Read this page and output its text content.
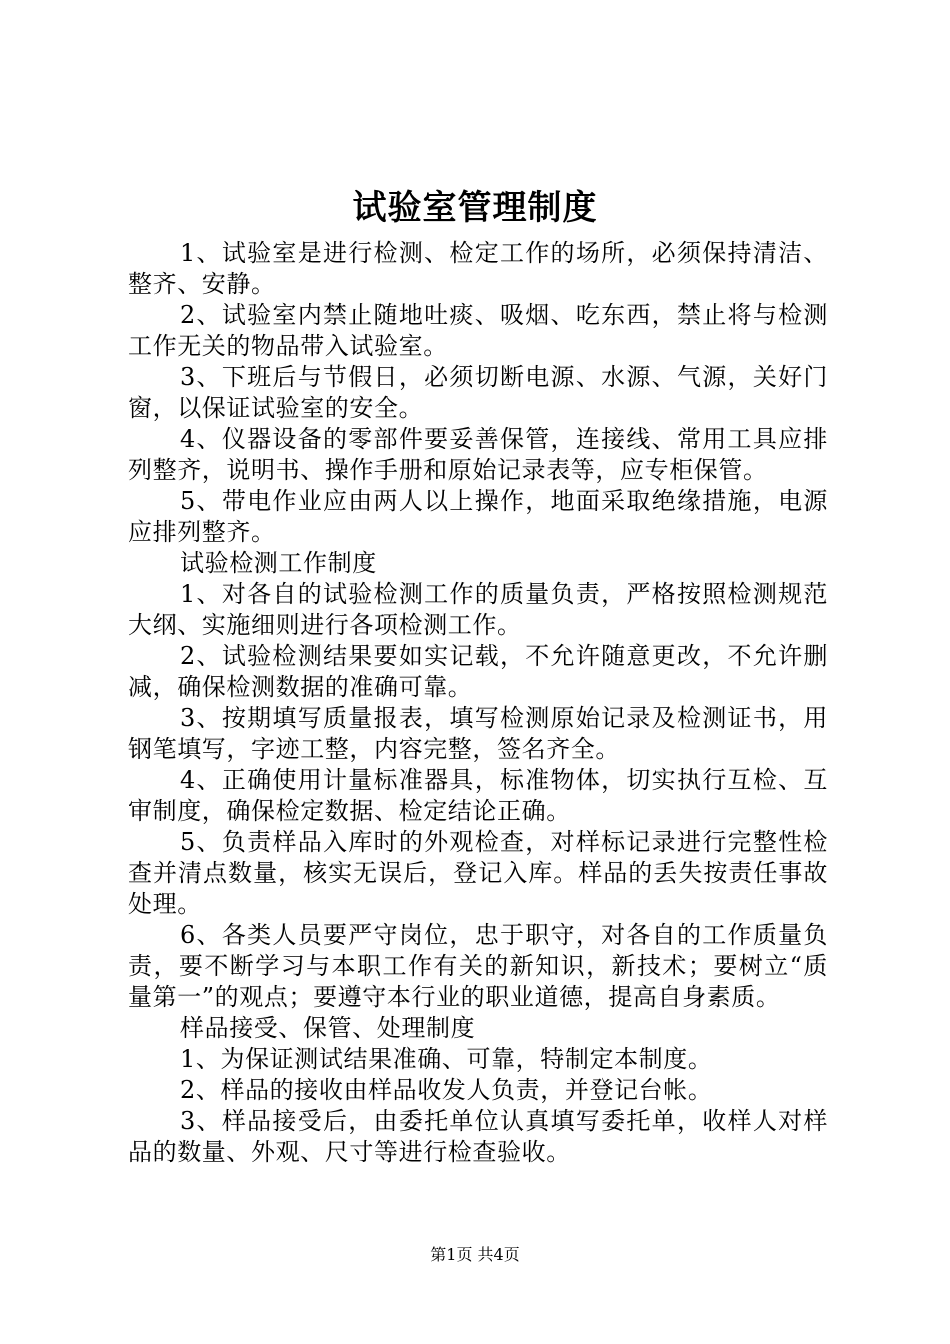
试验室管理制度

1、试验室是进行检测、检定工作的场所，必须保持清洁、整齐、安静。

2、试验室内禁止随地吐痰、吸烟、吃东西，禁止将与检测工作无关的物品带入试验室。

3、下班后与节假日，必须切断电源、水源、气源，关好门窗，以保证试验室的安全。

4、仪器设备的零部件要妥善保管，连接线、常用工具应排列整齐，说明书、操作手册和原始记录表等，应专柜保管。

5、带电作业应由两人以上操作，地面采取绝缘措施，电源应排列整齐。

试验检测工作制度

1、对各自的试验检测工作的质量负责，严格按照检测规范大纲、实施细则进行各项检测工作。

2、试验检测结果要如实记载，不允许随意更改，不允许删减，确保检测数据的准确可靠。

3、按期填写质量报表，填写检测原始记录及检测证书，用钢笔填写，字迹工整，内容完整，签名齐全。

4、正确使用计量标准器具，标准物体，切实执行互检、互审制度，确保检定数据、检定结论正确。

5、负责样品入库时的外观检查，对样标记录进行完整性检查并清点数量，核实无误后，登记入库。样品的丢失按责任事故处理。

6、各类人员要严守岗位，忠于职守，对各自的工作质量负责，要不断学习与本职工作有关的新知识，新技术；要树立“质量第一”的观点；要遵守本行业的职业道德，提高自身素质。

样品接受、保管、处理制度

1、为保证测试结果准确、可靠，特制定本制度。

2、样品的接收由样品收发人负责，并登记台帐。

3、样品接受后，由委托单位认真填写委托单，收样人对样品的数量、外观、尺寸等进行检查验收。

第1页 共4页
